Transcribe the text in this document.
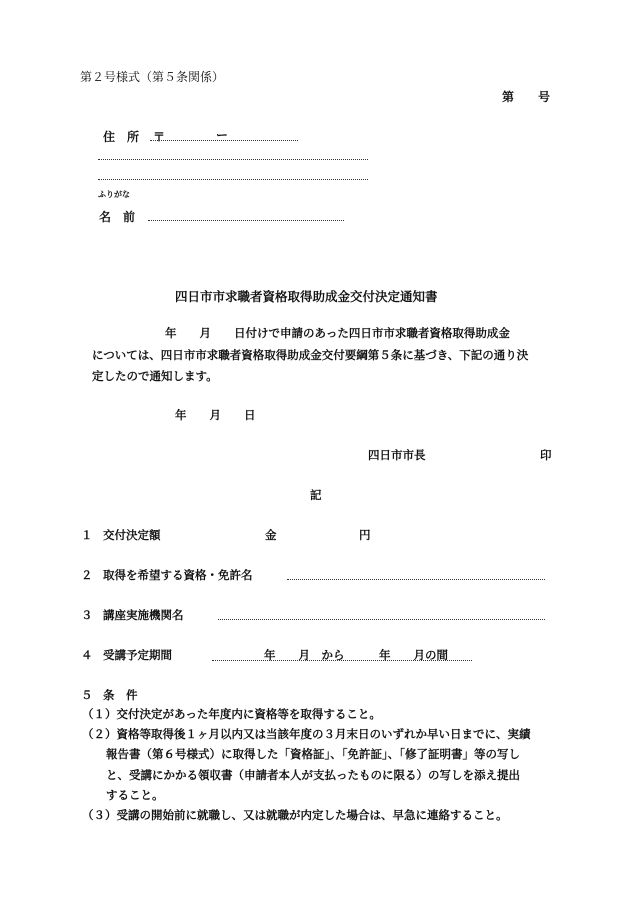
第２号様式（第５条関係）
第　　号
住　所 〒	ー
ふりがな
名　前
四日市市求職者資格取得助成金交付決定通知書
年　　月　　日付けで申請のあった四日市市求職者資格取得助成金
については、四日市市求職者資格取得助成金交付要綱第５条に基づき、下記の通り決
定したので通知します。
年　　月　　日
四日市市長	印
記
１ 交付決定額	金	円
２ 取得を希望する資格・免許名
３ 講座実施機関名
４ 受講予定期間	年　　月　から　　　年　　月の間
５ 条　件
（１）交付決定があった年度内に資格等を取得すること。
（２）資格等取得後１ヶ月以内又は当該年度の３月末日のいずれか早い日までに、実績
報告書（第６号様式）に取得した「資格証」、「免許証」、「修了証明書」等の写し
と、受講にかかる領収書（申請者本人が支払ったものに限る）の写しを添え提出
すること。
（３）受講の開始前に就職し、又は就職が内定した場合は、早急に連絡すること。
